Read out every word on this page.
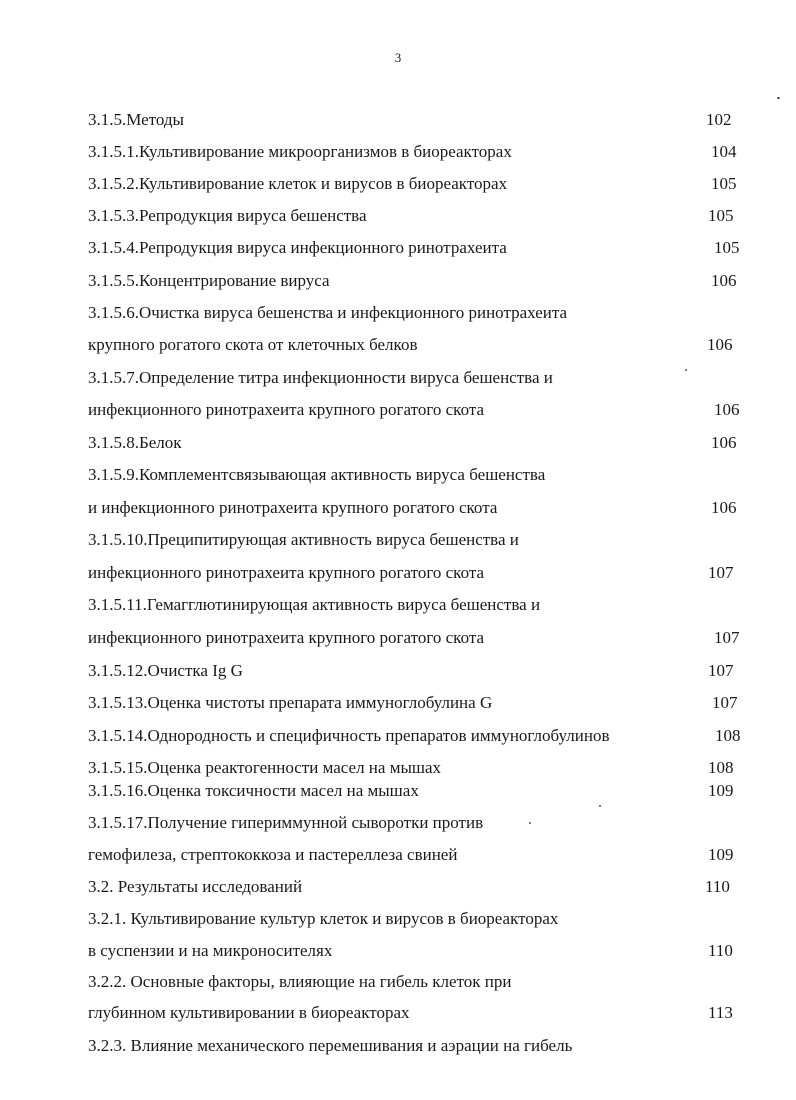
3
3.1.5.Методы	102
3.1.5.1.Культивирование микроорганизмов в биореакторах	104
3.1.5.2.Культивирование клеток и вирусов в биореакторах	105
3.1.5.3.Репродукция вируса бешенства	105
3.1.5.4.Репродукция вируса инфекционного ринотрахеита	105
3.1.5.5.Концентрирование вируса	106
3.1.5.6.Очистка вируса бешенства и инфекционного ринотрахеита
крупного рогатого скота от клеточных белков	106
3.1.5.7.Определение титра инфекционности вируса бешенства и
инфекционного ринотрахеита крупного рогатого скота	106
3.1.5.8.Белок	106
3.1.5.9.Комплементсвязывающая активность вируса бешенства
и инфекционного ринотрахеита крупного рогатого скота	106
3.1.5.10.Преципитирующая активность вируса бешенства и
инфекционного ринотрахеита крупного рогатого скота	107
3.1.5.11.Гемагглютинирующая активность вируса бешенства и
инфекционного ринотрахеита крупного рогатого скота	107
3.1.5.12.Очистка Ig G	107
3.1.5.13.Оценка чистоты препарата иммуноглобулина G	107
3.1.5.14.Однородность и специфичность препаратов иммуноглобулинов	108
3.1.5.15.Оценка реактогенности масел на мышах	108
3.1.5.16.Оценка токсичности масел на мышах	109
3.1.5.17.Получение гипериммунной сыворотки против
гемофилеза, стрептококкоза и пастереллеза свиней	109
3.2. Результаты исследований	110
3.2.1. Культивирование культур клеток и вирусов в биореакторах
в суспензии и на микроносителях	110
3.2.2. Основные факторы, влияющие на гибель клеток при
глубинном культивировании в биореакторах	113
3.2.3. Влияние механического перемешивания и аэрации на гибель
